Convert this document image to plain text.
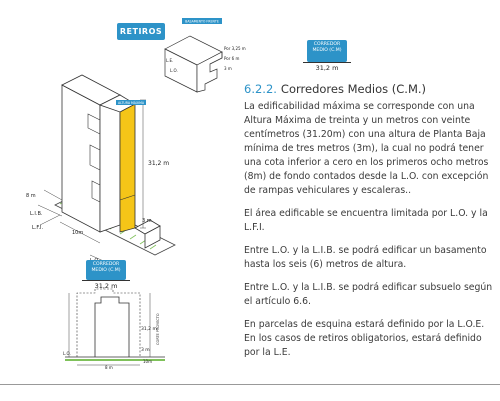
31,2 m
3 m
L.I.B.
L.F.I.
8 m
10m
ALTURA MÁXIMA
BASAMENTO FRENTE
Por 3,25 m
Por 6 m
3 m
L.E.
L.O.
RETIROS
CORREDOR
MEDIO (C.M)
31,2 m
CORREDOR
MEDIO (C.M)
31,2 m
31,2 m
3 m
L.O.
10m
8 m
CORTE PROYECTO
6.2.2. Corredores Medios (C.M.)

La edificabilidad máxima se corresponde con una Altura Máxima de treinta y un metros con veinte centímetros (31.20m) con una altura de Planta Baja mínima de tres metros (3m), la cual no podrá tener una cota inferior a cero en los primeros ocho metros (8m) de fondo contados desde la L.O. con excepción de rampas vehiculares y escaleras..

El área edificable se encuentra limitada por L.O. y la L.F.I.

Entre L.O. y la L.I.B. se podrá edificar un basamento hasta los seis (6) metros de altura.

Entre L.O. y la L.I.B. se podrá edificar subsuelo según el artículo 6.6.

En parcelas de esquina estará definido por la L.O.E. En los casos de retiros obligatorios, estará definido por la L.E.
